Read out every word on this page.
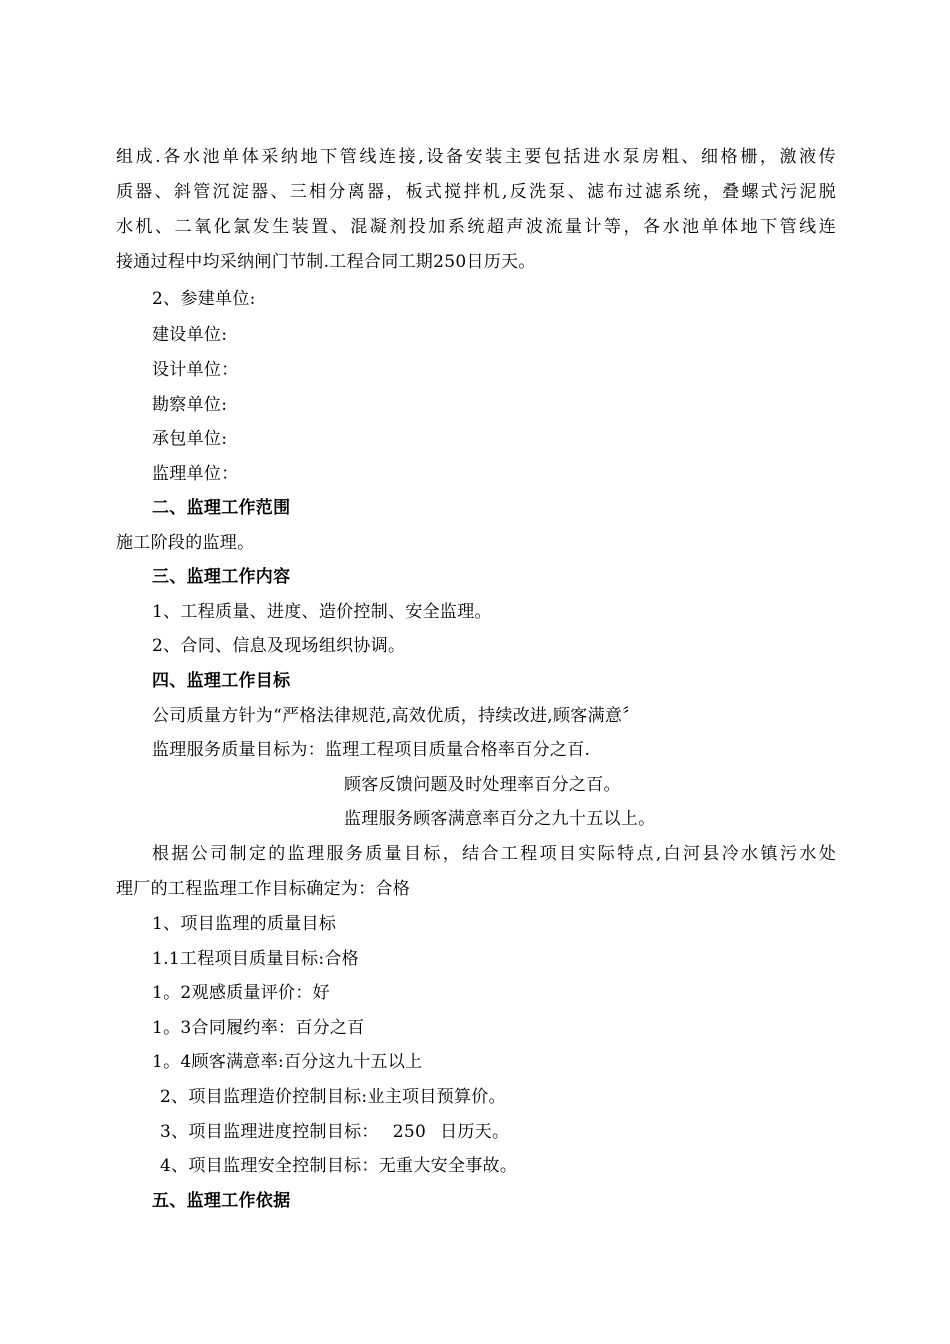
组成.各水池单体采纳地下管线连接,设备安装主要包括进水泵房粗、细格栅，激液传
质器、斜管沉淀器、三相分离器，板式搅拌机,反洗泵、滤布过滤系统，叠螺式污泥脱
水机、二氧化氯发生装置、混凝剂投加系统超声波流量计等，各水池单体地下管线连
接通过程中均采纳闸门节制.工程合同工期250日历天。
2、参建单位:
建设单位:
设计单位：
勘察单位:
承包单位:
监理单位：
二、监理工作范围
施工阶段的监理。
三、监理工作内容
1、工程质量、进度、造价控制、安全监理。
2、合同、信息及现场组织协调。
四、监理工作目标
公司质量方针为“严格法律规范,高效优质，持续改进,顾客满意〞
监理服务质量目标为：监理工程项目质量合格率百分之百.
顾客反馈问题及时处理率百分之百。
监理服务顾客满意率百分之九十五以上。
根据公司制定的监理服务质量目标，结合工程项目实际特点,白河县冷水镇污水处
理厂的工程监理工作目标确定为：合格
1、项目监理的质量目标
1.1工程项目质量目标:合格
1。2观感质量评价：好
1。3合同履约率：百分之百
1。4顾客满意率:百分这九十五以上
2、项目监理造价控制目标:业主项目预算价。
3、项目监理进度控制目标： 250 日历天。
4、项目监理安全控制目标：无重大安全事故。
五、监理工作依据
